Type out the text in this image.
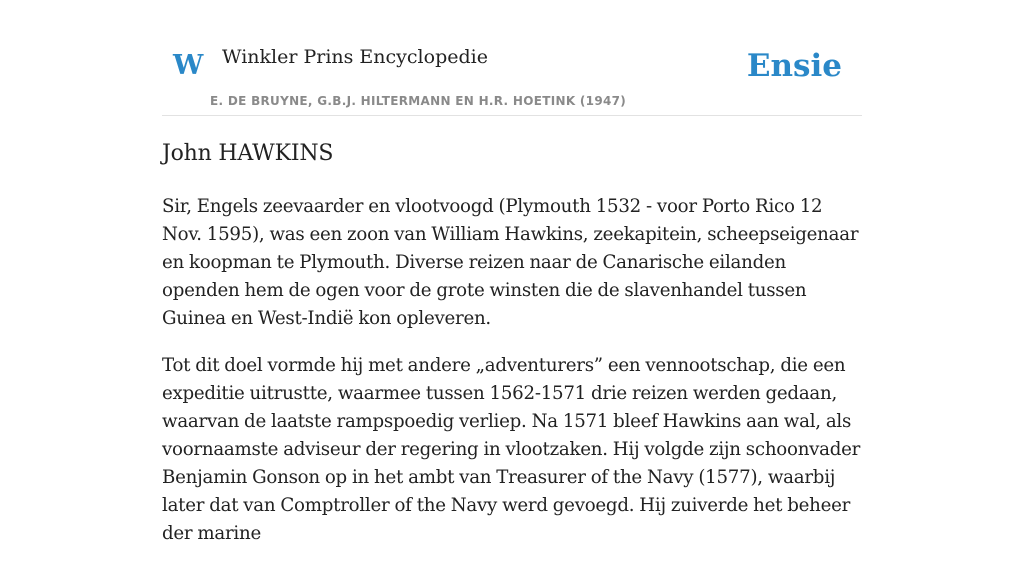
W Winkler Prins Encyclopedie
E. DE BRUYNE, G.B.J. HILTERMANN EN H.R. HOETINK (1947)
Ensie
John HAWKINS

Sir, Engels zeevaarder en vlootvoogd (Plymouth 1532 - voor Porto Rico 12 Nov. 1595), was een zoon van William Hawkins, zeekapitein, scheepseigenaar en koopman te Plymouth. Diverse reizen naar de Canarische eilanden openden hem de ogen voor de grote winsten die de slavenhandel tussen Guinea en West-Indië kon opleveren.

Tot dit doel vormde hij met andere „adventurers” een vennootschap, die een expeditie uitrustte, waarmee tussen 1562-1571 drie reizen werden gedaan, waarvan de laatste rampspoedig verliep. Na 1571 bleef Hawkins aan wal, als voornaamste adviseur der regering in vlootzaken. Hij volgde zijn schoonvader Benjamin Gonson op in het ambt van Treasurer of the Navy (1577), waarbij later dat van Comptroller of the Navy werd gevoegd. Hij zuiverde het beheer der marine
